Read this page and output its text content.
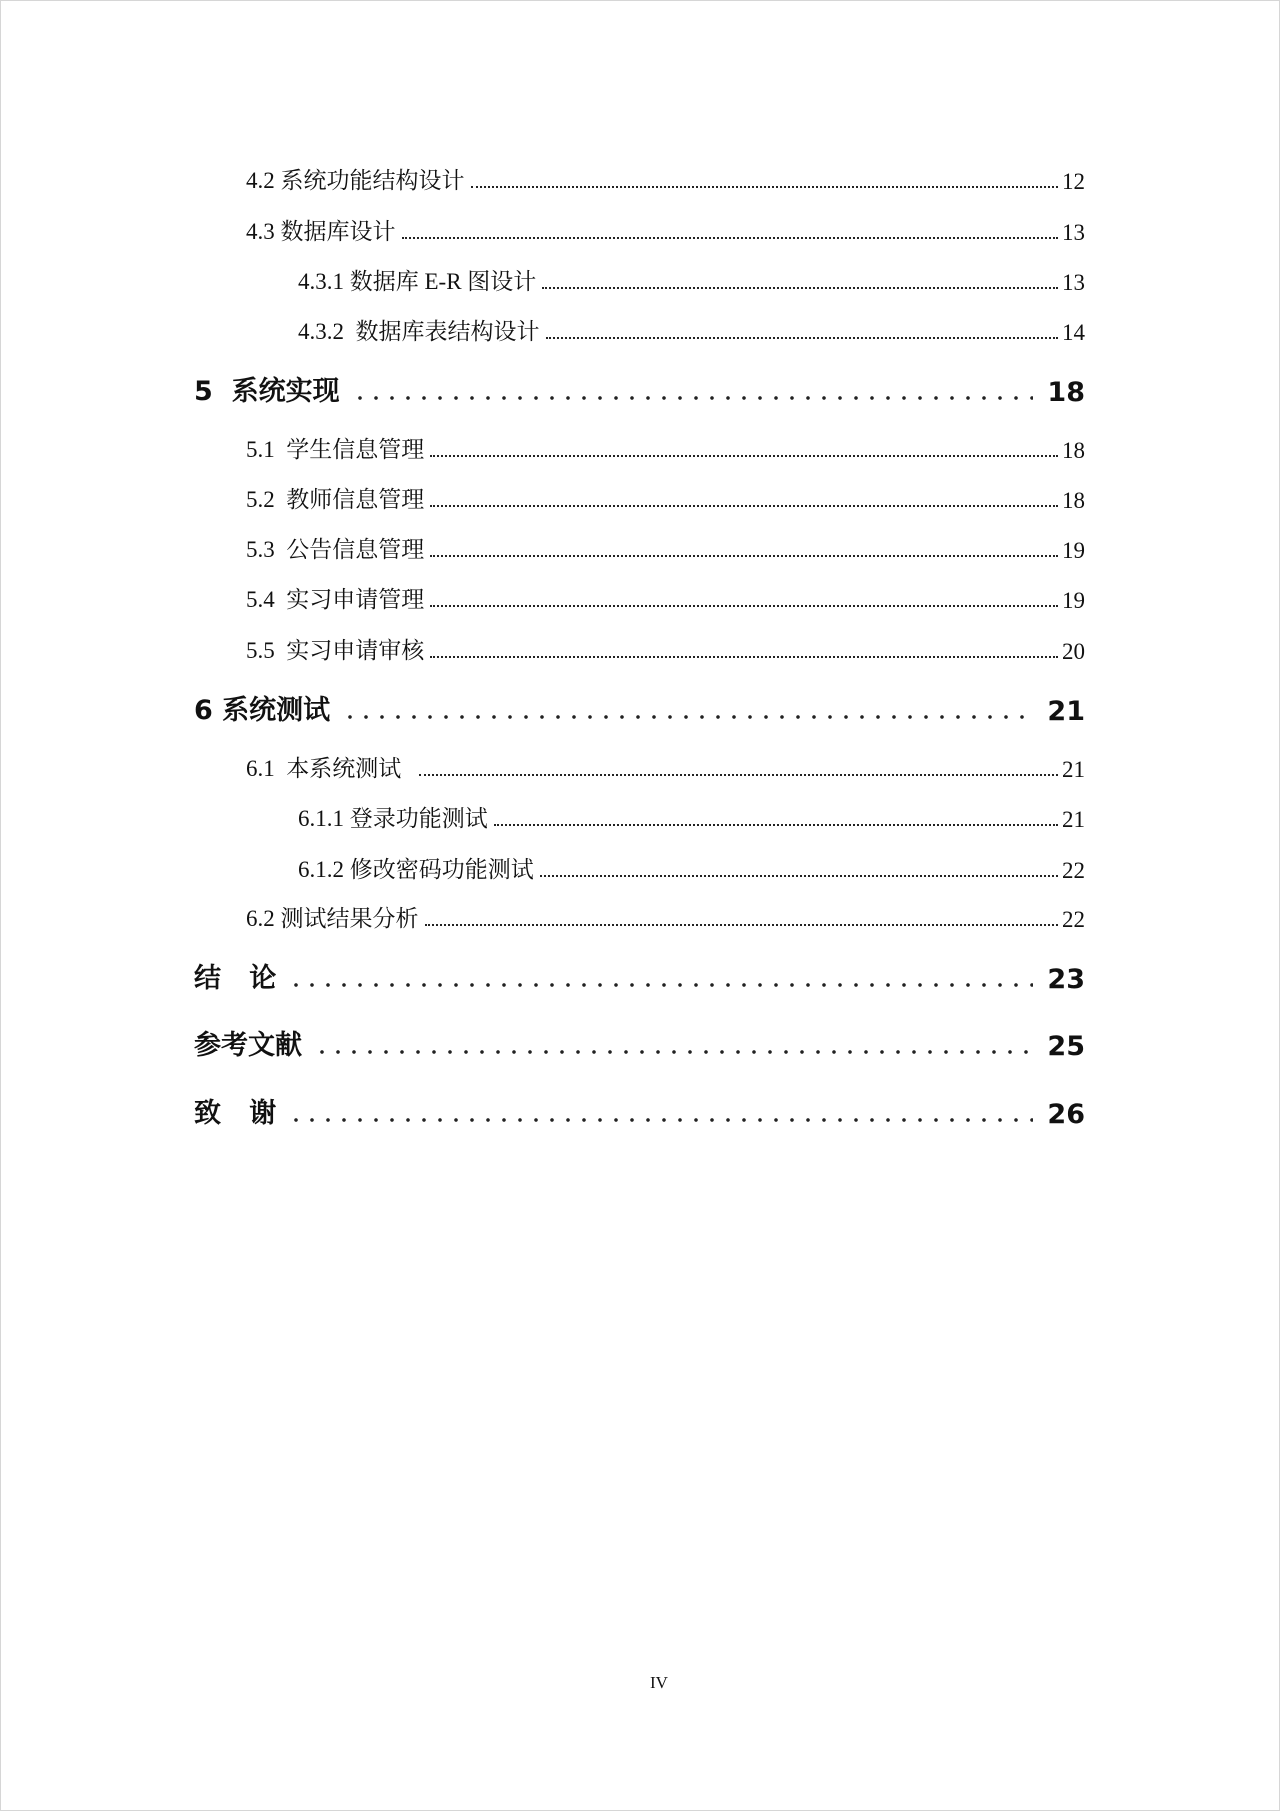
4.2 系统功能结构设计	12
4.3 数据库设计	13
4.3.1 数据库 E-R 图设计	13
4.3.2  数据库表结构设计	14
5  系统实现	18
5.1  学生信息管理	18
5.2  教师信息管理	18
5.3  公告信息管理	19
5.4  实习申请管理	19
5.5  实习申请审核	20
6 系统测试	21
6.1  本系统测试	21
6.1.1 登录功能测试	21
6.1.2 修改密码功能测试	22
6.2 测试结果分析	22
结   论	23
参考文献	25
致   谢	26
IV
